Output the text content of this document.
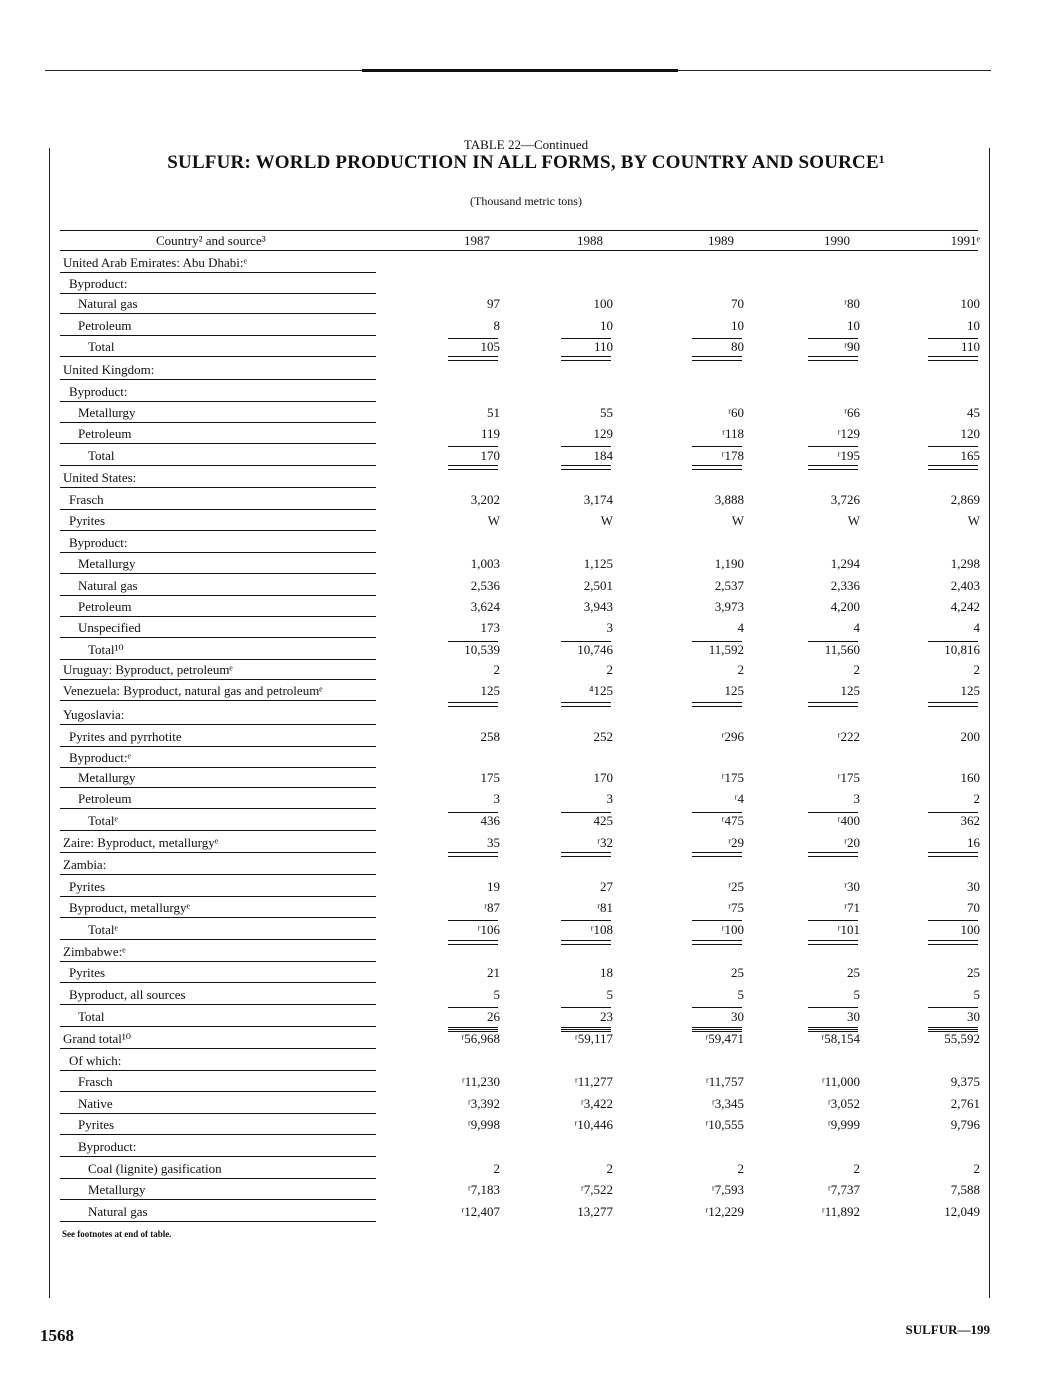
TABLE 22—Continued
SULFUR: WORLD PRODUCTION IN ALL FORMS, BY COUNTRY AND SOURCE¹
(Thousand metric tons)
Country² and source³	1987	1988	1989	1990	1991ᵉ
United Arab Emirates: Abu Dhabi:ᵉ
Byproduct:
Natural gas	97	100	70	ʳ80	100
Petroleum	8	10	10	10	10
Total	105	110	80	ʳ90	110
United Kingdom:
Byproduct:
Metallurgy	51	55	ʳ60	ʳ66	45
Petroleum	119	129	ʳ118	ʳ129	120
Total	170	184	ʳ178	ʳ195	165
United States:
Frasch	3,202	3,174	3,888	3,726	2,869
Pyrites	W	W	W	W	W
Byproduct:
Metallurgy	1,003	1,125	1,190	1,294	1,298
Natural gas	2,536	2,501	2,537	2,336	2,403
Petroleum	3,624	3,943	3,973	4,200	4,242
Unspecified	173	3	4	4	4
Total¹⁰	10,539	10,746	11,592	11,560	10,816
Uruguay: Byproduct, petroleumᵉ	2	2	2	2	2
Venezuela: Byproduct, natural gas and petroleumᵉ	125	⁴125	125	125	125
Yugoslavia:
Pyrites and pyrrhotite	258	252	ʳ296	ʳ222	200
Byproduct:ᵉ
Metallurgy	175	170	ʳ175	ʳ175	160
Petroleum	3	3	ʳ4	3	2
Totalᵉ	436	425	ʳ475	ʳ400	362
Zaire: Byproduct, metallurgyᵉ	35	ʳ32	ʳ29	ʳ20	16
Zambia:
Pyrites	19	27	ʳ25	ʳ30	30
Byproduct, metallurgyᵉ	ʳ87	ʳ81	ʳ75	ʳ71	70
Totalᵉ	ʳ106	ʳ108	ʳ100	ʳ101	100
Zimbabwe:ᵉ
Pyrites	21	18	25	25	25
Byproduct, all sources	5	5	5	5	5
Total	26	23	30	30	30
Grand total¹⁰	ʳ56,968	ʳ59,117	ʳ59,471	ʳ58,154	55,592
Of which:
Frasch	ʳ11,230	ʳ11,277	ʳ11,757	ʳ11,000	9,375
Native	ʳ3,392	ʳ3,422	ʳ3,345	ʳ3,052	2,761
Pyrites	ʳ9,998	ʳ10,446	ʳ10,555	ʳ9,999	9,796
Byproduct:
Coal (lignite) gasification	2	2	2	2	2
Metallurgy	ʳ7,183	ʳ7,522	ʳ7,593	ʳ7,737	7,588
Natural gas	ʳ12,407	13,277	ʳ12,229	ʳ11,892	12,049
See footnotes at end of table.
1568	SULFUR—199
